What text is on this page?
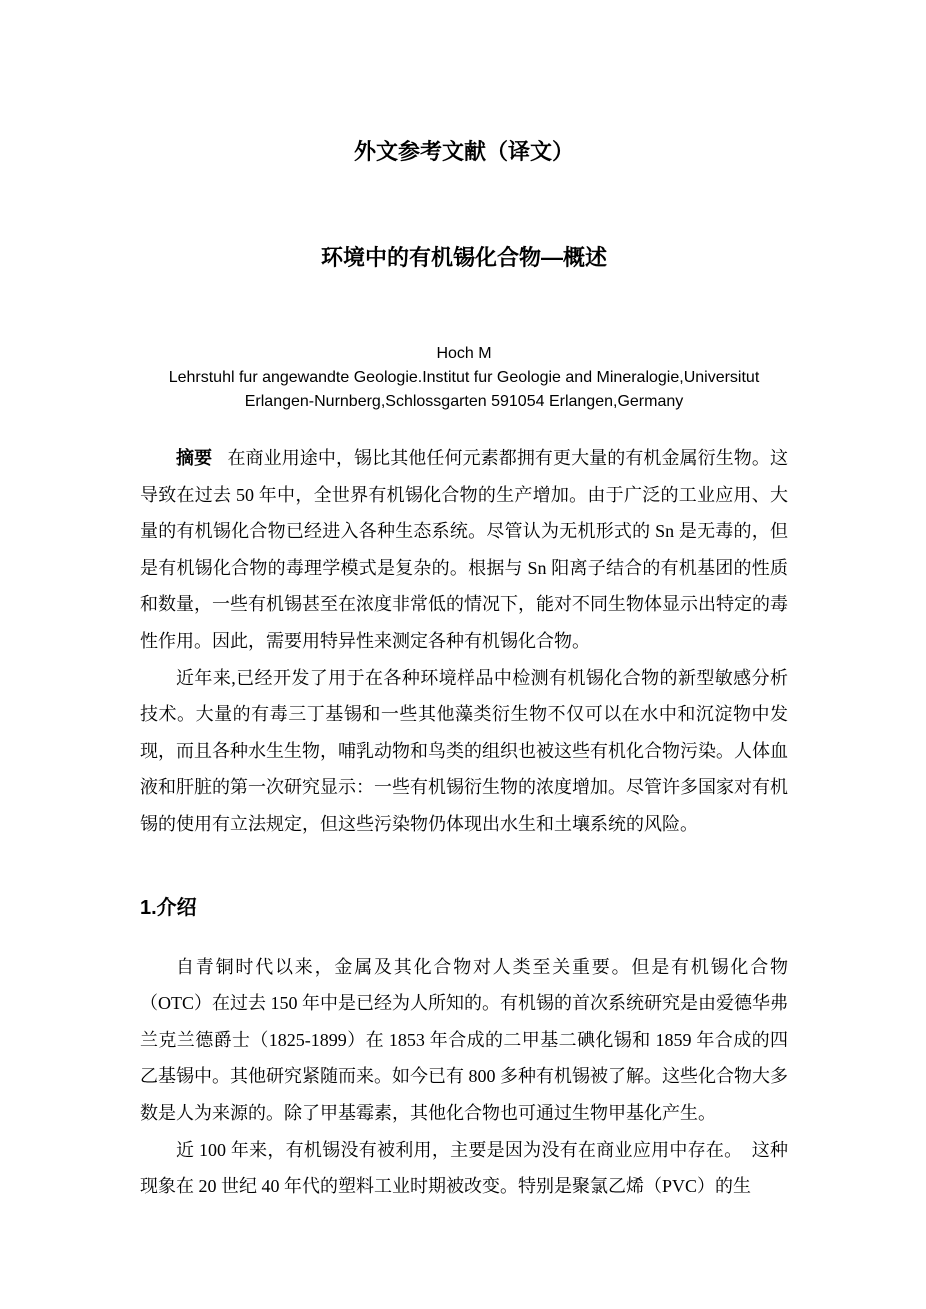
外文参考文献（译文）
环境中的有机锡化合物—概述

Hoch M

Lehrstuhl fur angewandte Geologie.Institut fur Geologie and Mineralogie,Universitut

Erlangen-Nurnberg,Schlossgarten 591054 Erlangen,Germany

摘要 在商业用途中，锡比其他任何元素都拥有更大量的有机金属衍生物。这导致在过去 50 年中，全世界有机锡化合物的生产增加。由于广泛的工业应用、大量的有机锡化合物已经进入各种生态系统。尽管认为无机形式的 Sn 是无毒的，但是有机锡化合物的毒理学模式是复杂的。根据与 Sn 阳离子结合的有机基团的性质和数量，一些有机锡甚至在浓度非常低的情况下，能对不同生物体显示出特定的毒性作用。因此，需要用特异性来测定各种有机锡化合物。

近年来,已经开发了用于在各种环境样品中检测有机锡化合物的新型敏感分析技术。大量的有毒三丁基锡和一些其他藻类衍生物不仅可以在水中和沉淀物中发现，而且各种水生生物，哺乳动物和鸟类的组织也被这些有机化合物污染。人体血液和肝脏的第一次研究显示：一些有机锡衍生物的浓度增加。尽管许多国家对有机锡的使用有立法规定，但这些污染物仍体现出水生和土壤系统的风险。

1.介绍

自青铜时代以来，金属及其化合物对人类至关重要。但是有机锡化合物（OTC）在过去 150 年中是已经为人所知的。有机锡的首次系统研究是由爱德华弗兰克兰德爵士（1825-1899）在 1853 年合成的二甲基二碘化锡和 1859 年合成的四乙基锡中。其他研究紧随而来。如今已有 800 多种有机锡被了解。这些化合物大多数是人为来源的。除了甲基霉素，其他化合物也可通过生物甲基化产生。

近 100 年来，有机锡没有被利用，主要是因为没有在商业应用中存在。　这种现象在 20 世纪 40 年代的塑料工业时期被改变。特别是聚氯乙烯（PVC）的生
